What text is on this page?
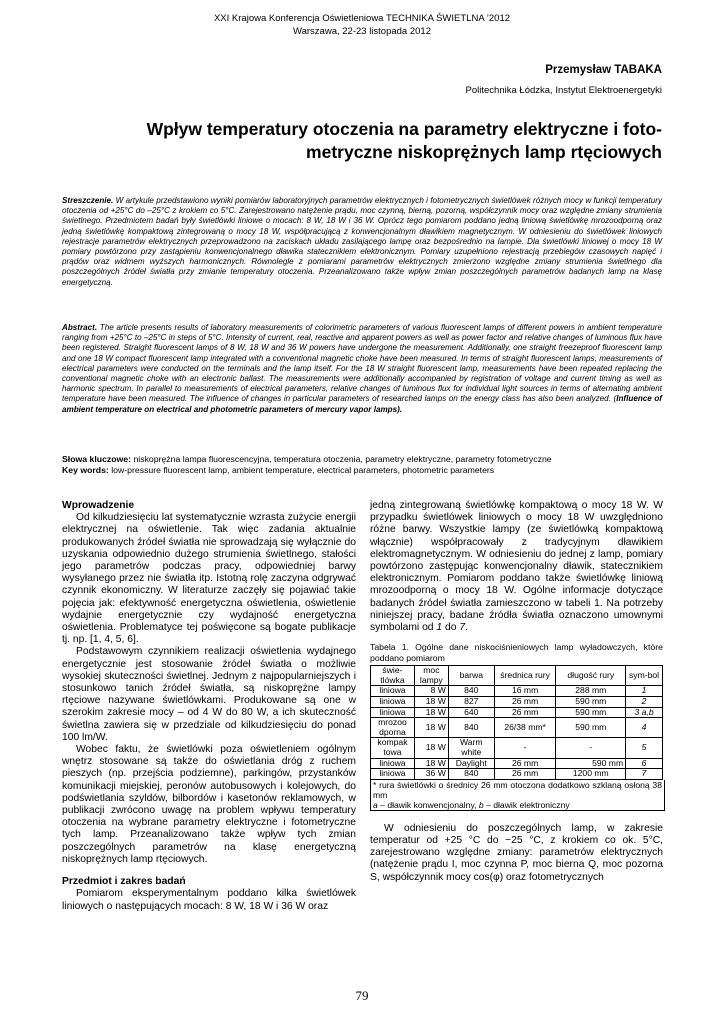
XXI Krajowa Konferencja Oświetleniowa TECHNIKA ŚWIETLNA ’2012
Warszawa, 22-23 listopada 2012
Przemysław TABAKA
Politechnika Łódzka, Instytut Elektroenergetyki
Wpływ temperatury otoczenia na parametry elektryczne i foto-
metryczne niskoprężnych lamp rtęciowych
Streszczenie. W artykule przedstawiono wyniki pomiarów laboratoryjnych parametrów elektrycznych i fotometrycznych świetlówek różnych mocy w funkcji temperatury otoczenia od +25°C do –25°C z krokiem co 5°C. Zarejestrowano natężenie prądu, moc czynną, bierną, pozorną, współczynnik mocy oraz względne zmiany strumienia świetlnego. Przedmiotem badań były świetlówki liniowe o mocach: 8 W, 18 W i 36 W. Oprócz tego pomiarom poddano jedną liniową świetlówkę mrozoodporną oraz jedną świetlówkę kompaktową zintegrowaną o mocy 18 W, współpracującą z konwencjonalnym dławikiem magnetycznym. W odniesieniu do świetlówek liniowych rejestracje parametrów elektrycznych przeprowadzono na zaciskach układu zasilającego lampę oraz bezpośrednio na lampie. Dla świetlówki liniowej o mocy 18 W pomiary powtórzono przy zastąpieniu konwencjonalnego dławika statecznikiem elektronicznym. Pomiary uzupełniono rejestracją przebiegów czasowych napięć i prądów oraz widmem wyższych harmonicznych. Równolegle z pomiarami parametrów elektrycznych zmierzono względne zmiany strumienia świetlnego dla poszczególnych źródeł światła przy zmianie temperatury otoczenia. Przeanalizowano także wpływ zmian poszczególnych parametrów badanych lamp na klasę energetyczną.
Abstract. The article presents results of laboratory measurements of colorimetric parameters of various fluorescent lamps of different powers in ambient temperature ranging from +25°C to –25°C in steps of 5°C. Intensity of current, real, reactive and apparent powers as well as power factor and relative changes of luminous flux have been registered. Straight fluorescent lamps of 8 W, 18 W and 36 W powers have undergone the measurement. Additionally, one straight freezeproof fluorescent lamp and one 18 W compact fluorescent lamp integrated with a conventional magnetic choke have been measured. In terms of straight fluorescent lamps, measurements of electrical parameters were conducted on the terminals and the lamp itself. For the 18 W straight fluorescent lamp, measurements have been repeated replacing the conventional magnetic choke with an electronic ballast. The measurements were additionally accompanied by registration of voltage and current timing as well as harmonic spectrum. In parallel to measurements of electrical parameters, relative changes of luminous flux for individual light sources in terms of alternating ambient temperature have been measured. The influence of changes in particular parameters of researched lamps on the energy class has also been analyzed. (Influence of ambient temperature on electrical and photometric parameters of mercury vapor lamps).
Słowa kluczowe: niskoprężna lampa fluorescencyjna, temperatura otoczenia, parametry elektryczne, parametry fotometryczne
Key words: low-pressure fluorescent lamp, ambient temperature, electrical parameters, photometric parameters
Wprowadzenie

Od kilkudziesięciu lat systematycznie wzrasta zużycie energii elektrycznej na oświetlenie. Tak więc zadania aktualnie produkowanych źródeł światła nie sprowadzają się wyłącznie do uzyskania odpowiednio dużego strumienia świetlnego, stałości jego parametrów podczas pracy, odpowiedniej barwy wysyłanego przez nie światła itp. Istotną rolę zaczyna odgrywać czynnik ekonomiczny. W literaturze zaczęły się pojawiać takie pojęcia jak: efektywność energetyczna oświetlenia, oświetlenie wydajnie energetycznie czy wydajność energetyczna oświetlenia. Problematyce tej poświęcone są bogate publikacje tj. np. [1, 4, 5, 6].

Podstawowym czynnikiem realizacji oświetlenia wydajnego energetycznie jest stosowanie źródeł światła o możliwie wysokiej skuteczności świetlnej. Jednym z najpopularniejszych i stosunkowo tanich źródeł światła, są niskoprężne lampy rtęciowe nazywane świetlówkami. Produkowane są one w szerokim zakresie mocy – od 4 W do 80 W, a ich skuteczność świetlna zawiera się w przedziale od kilkudziesięciu do ponad 100 lm/W.

Wobec faktu, że świetlówki poza oświetleniem ogólnym wnętrz stosowane są także do oświetlania dróg z ruchem pieszych (np. przejścia podziemne), parkingów, przystanków komunikacji miejskiej, peronów autobusowych i kolejowych, do podświetlania szyldów, bilbordów i kasetonów reklamowych, w publikacji zwrócono uwagę na problem wpływu temperatury otoczenia na wybrane parametry elektryczne i fotometryczne tych lamp. Przeanalizowano także wpływ tych zmian poszczególnych parametrów na klasę energetyczną niskoprężnych lamp rtęciowych.

Przedmiot i zakres badań

Pomiarom eksperymentalnym poddano kilka świetlówek liniowych o następujących mocach: 8 W, 18 W i 36 W oraz

jedną zintegrowaną świetlówkę kompaktową o mocy 18 W. W przypadku świetlówek liniowych o mocy 18 W uwzględniono różne barwy. Wszystkie lampy (ze świetlówką kompaktową włącznie) współpracowały z tradycyjnym dławikiem elektromagnetycznym. W odniesieniu do jednej z lamp, pomiary powtórzono zastępując konwencjonalny dławik, statecznikiem elektronicznym. Pomiarom poddano także świetlówkę liniową mrozoodporną o mocy 18 W. Ogólne informacje dotyczące badanych źródeł światła zamieszczono w tabeli 1. Na potrzeby niniejszej pracy, badane źródła światła oznaczono umownymi symbolami od 1 do 7.

Tabela 1. Ogólne dane niskociśnieniowych lamp wyładowczych, które poddano pomiarom
świe-tlówka	moc lampy	barwa	średnica rury	długość rury	sym-bol
liniowa	8 W	840	16 mm	288 mm	1
liniowa	18 W	827	26 mm	590 mm	2
liniowa	18 W	640	26 mm	590 mm	3 a,b
mrozoo dporna	18 W	840	26/38 mm*	590 mm	4
kompak towa	18 W	Warm white	-	-	5
liniowa	18 W	Daylight	26 mm	590 mm	6
liniowa	36 W	840	26 mm	1200 mm	7
* rura świetlówki o średnicy 26 mm otoczona dodatkowo szklaną osłoną 38 mm
a – dławik konwencjonalny, b – dławik elektroniczny

W odniesieniu do poszczególnych lamp, w zakresie temperatur od +25 °C do −25 °C, z krokiem co ok. 5°C, zarejestrowano względne zmiany: parametrów elektrycznych (natężenie prądu I, moc czynna P, moc bierna Q, moc pozorna S, współczynnik mocy cos(φ) oraz fotometrycznych

79
